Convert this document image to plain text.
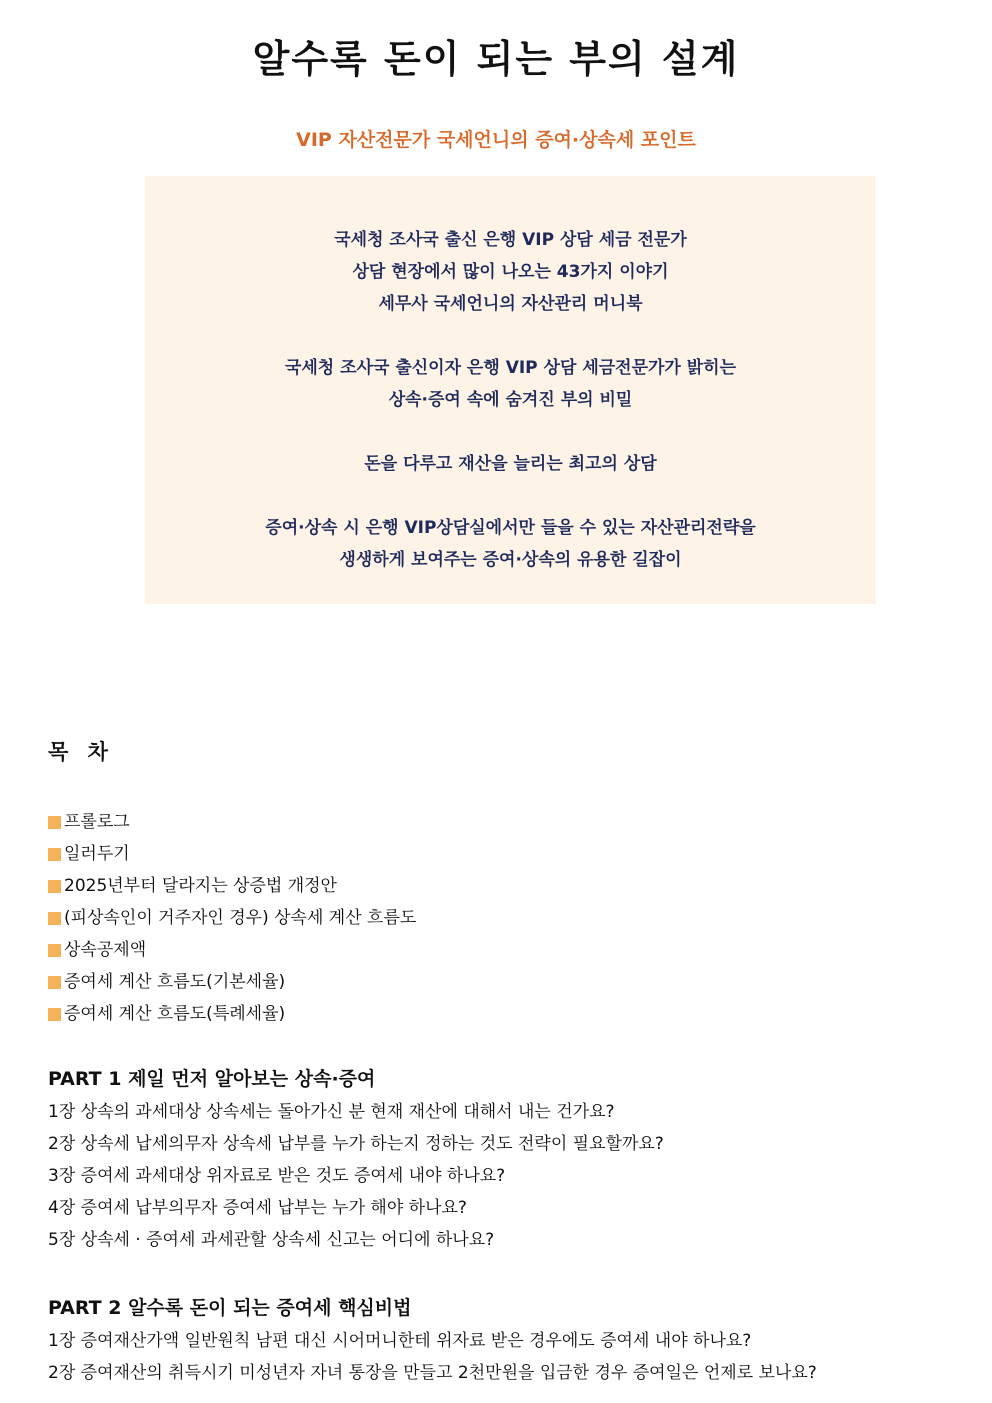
알수록 돈이 되는 부의 설계
VIP 자산전문가 국세언니의 증여·상속세 포인트
국세청 조사국 출신 은행 VIP 상담 세금 전문가
상담 현장에서 많이 나오는 43가지 이야기
세무사 국세언니의 자산관리 머니북
국세청 조사국 출신이자 은행 VIP 상담 세금전문가가 밝히는
상속·증여 속에 숨겨진 부의 비밀
돈을 다루고 재산을 늘리는 최고의 상담
증여·상속 시 은행 VIP상담실에서만 들을 수 있는 자산관리전략을
생생하게 보여주는 증여·상속의 유용한 길잡이
목 차
프롤로그
일러두기
2025년부터 달라지는 상증법 개정안
(피상속인이 거주자인 경우) 상속세 계산 흐름도
상속공제액
증여세 계산 흐름도(기본세율)
증여세 계산 흐름도(특례세율)
PART 1 제일 먼저 알아보는 상속·증여
1장 상속의 과세대상 상속세는 돌아가신 분 현재 재산에 대해서 내는 건가요?
2장 상속세 납세의무자 상속세 납부를 누가 하는지 정하는 것도 전략이 필요할까요?
3장 증여세 과세대상 위자료로 받은 것도 증여세 내야 하나요?
4장 증여세 납부의무자 증여세 납부는 누가 해야 하나요?
5장 상속세 · 증여세 과세관할 상속세 신고는 어디에 하나요?
PART 2 알수록 돈이 되는 증여세 핵심비법
1장 증여재산가액 일반원칙 남편 대신 시어머니한테 위자료 받은 경우에도 증여세 내야 하나요?
2장 증여재산의 취득시기 미성년자 자녀 통장을 만들고 2천만원을 입금한 경우 증여일은 언제로 보나요?
